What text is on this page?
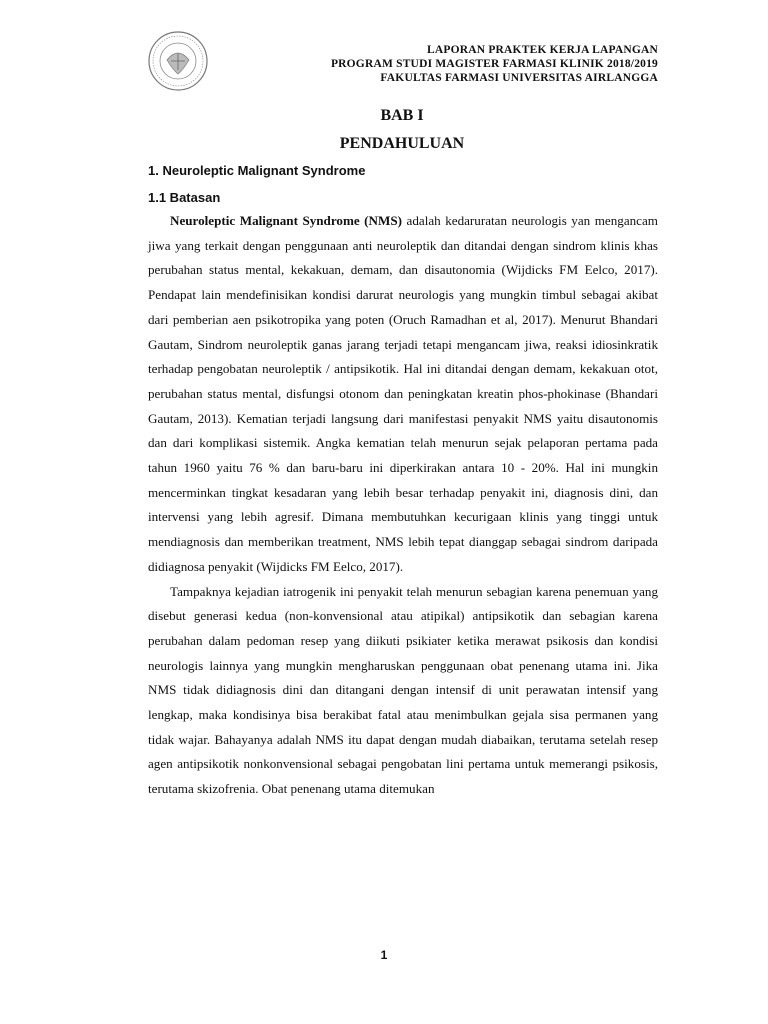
LAPORAN PRAKTEK KERJA LAPANGAN
PROGRAM STUDI MAGISTER FARMASI KLINIK 2018/2019
FAKULTAS FARMASI UNIVERSITAS AIRLANGGA
BAB I
PENDAHULUAN
1. Neuroleptic Malignant Syndrome
1.1 Batasan

Neuroleptic Malignant Syndrome (NMS) adalah kedaruratan neurologis yan mengancam jiwa yang terkait dengan penggunaan anti neuroleptik dan ditandai dengan sindrom klinis khas perubahan status mental, kekakuan, demam, dan disautonomia (Wijdicks FM Eelco, 2017). Pendapat lain mendefinisikan kondisi darurat neurologis yang mungkin timbul sebagai akibat dari pemberian aen psikotropika yang poten (Oruch Ramadhan et al, 2017). Menurut Bhandari Gautam, Sindrom neuroleptik ganas jarang terjadi tetapi mengancam jiwa, reaksi idiosinkratik terhadap pengobatan neuroleptik / antipsikotik. Hal ini ditandai dengan demam, kekakuan otot, perubahan status mental, disfungsi otonom dan peningkatan kreatin phos-phokinase (Bhandari Gautam, 2013). Kematian terjadi langsung dari manifestasi penyakit NMS yaitu disautonomis dan dari komplikasi sistemik. Angka kematian telah menurun sejak pelaporan pertama pada tahun 1960 yaitu 76 % dan baru-baru ini diperkirakan antara 10 - 20%. Hal ini mungkin mencerminkan tingkat kesadaran yang lebih besar terhadap penyakit ini, diagnosis dini, dan intervensi yang lebih agresif. Dimana membutuhkan kecurigaan klinis yang tinggi untuk mendiagnosis dan memberikan treatment, NMS lebih tepat dianggap sebagai sindrom daripada didiagnosa penyakit (Wijdicks FM Eelco, 2017).

Tampaknya kejadian iatrogenik ini penyakit telah menurun sebagian karena penemuan yang disebut generasi kedua (non-konvensional atau atipikal) antipsikotik dan sebagian karena perubahan dalam pedoman resep yang diikuti psikiater ketika merawat psikosis dan kondisi neurologis lainnya yang mungkin mengharuskan penggunaan obat penenang utama ini. Jika NMS tidak didiagnosis dini dan ditangani dengan intensif di unit perawatan intensif yang lengkap, maka kondisinya bisa berakibat fatal atau menimbulkan gejala sisa permanen yang tidak wajar. Bahayanya adalah NMS itu dapat dengan mudah diabaikan, terutama setelah resep agen antipsikotik nonkonvensional sebagai pengobatan lini pertama untuk memerangi psikosis, terutama skizofrenia. Obat penenang utama ditemukan

1
